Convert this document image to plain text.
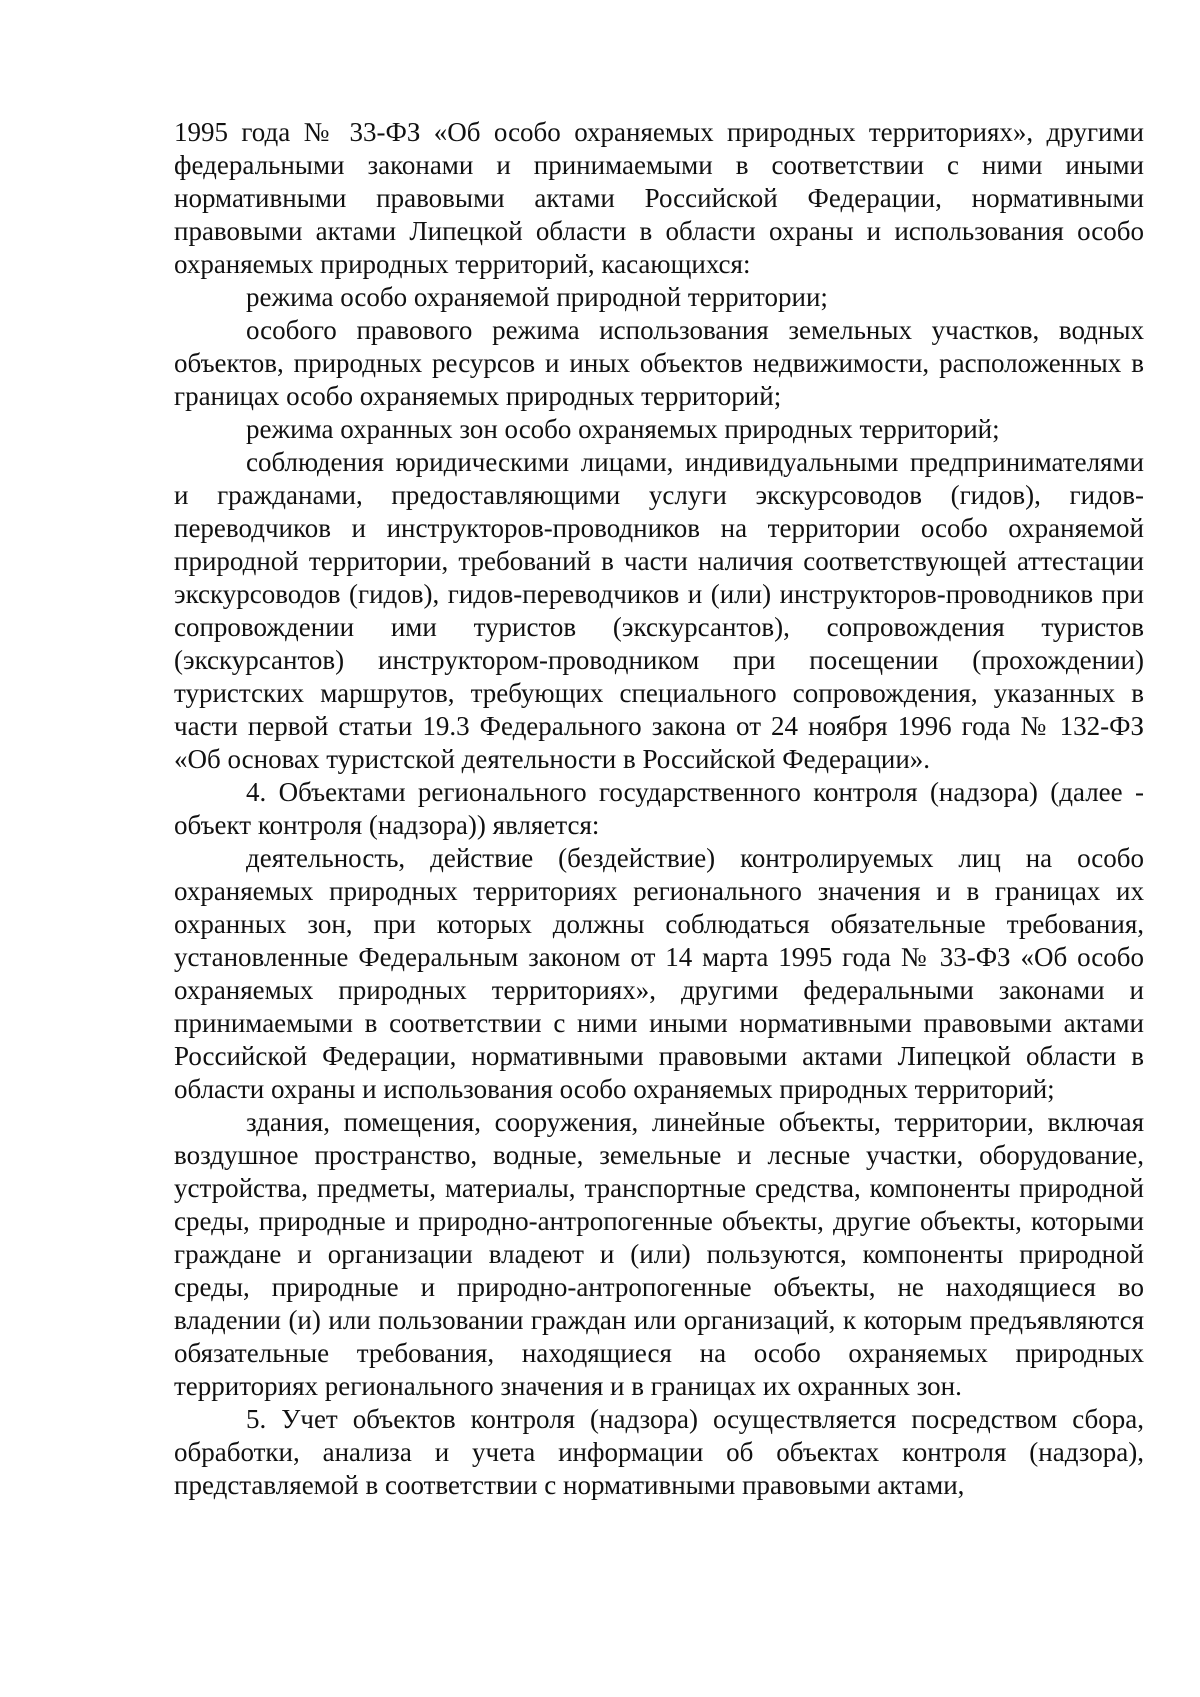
1995 года № 33-ФЗ «Об особо охраняемых природных территориях», другими федеральными законами и принимаемыми в соответствии с ними иными нормативными правовыми актами Российской Федерации, нормативными правовыми актами Липецкой области в области охраны и использования особо охраняемых природных территорий, касающихся:

режима особо охраняемой природной территории;

особого правового режима использования земельных участков, водных объектов, природных ресурсов и иных объектов недвижимости, расположенных в границах особо охраняемых природных территорий;

режима охранных зон особо охраняемых природных территорий;

соблюдения юридическими лицами, индивидуальными предпринимателями и гражданами, предоставляющими услуги экскурсоводов (гидов), гидов-переводчиков и инструкторов-проводников на территории особо охраняемой природной территории, требований в части наличия соответствующей аттестации экскурсоводов (гидов), гидов-переводчиков и (или) инструкторов-проводников при сопровождении ими туристов (экскурсантов), сопровождения туристов (экскурсантов) инструктором-проводником при посещении (прохождении) туристских маршрутов, требующих специального сопровождения, указанных в части первой статьи 19.3 Федерального закона от 24 ноября 1996 года № 132-ФЗ «Об основах туристской деятельности в Российской Федерации».

4. Объектами регионального государственного контроля (надзора) (далее - объект контроля (надзора)) является:

деятельность, действие (бездействие) контролируемых лиц на особо охраняемых природных территориях регионального значения и в границах их охранных зон, при которых должны соблюдаться обязательные требования, установленные Федеральным законом от 14 марта 1995 года № 33-ФЗ «Об особо охраняемых природных территориях», другими федеральными законами и принимаемыми в соответствии с ними иными нормативными правовыми актами Российской Федерации, нормативными правовыми актами Липецкой области в области охраны и использования особо охраняемых природных территорий;

здания, помещения, сооружения, линейные объекты, территории, включая воздушное пространство, водные, земельные и лесные участки, оборудование, устройства, предметы, материалы, транспортные средства, компоненты природной среды, природные и природно-антропогенные объекты, другие объекты, которыми граждане и организации владеют и (или) пользуются, компоненты природной среды, природные и природно-антропогенные объекты, не находящиеся во владении (и) или пользовании граждан или организаций, к которым предъявляются обязательные требования, находящиеся на особо охраняемых природных территориях регионального значения и в границах их охранных зон.

5. Учет объектов контроля (надзора) осуществляется посредством сбора, обработки, анализа и учета информации об объектах контроля (надзора), представляемой в соответствии с нормативными правовыми актами,
